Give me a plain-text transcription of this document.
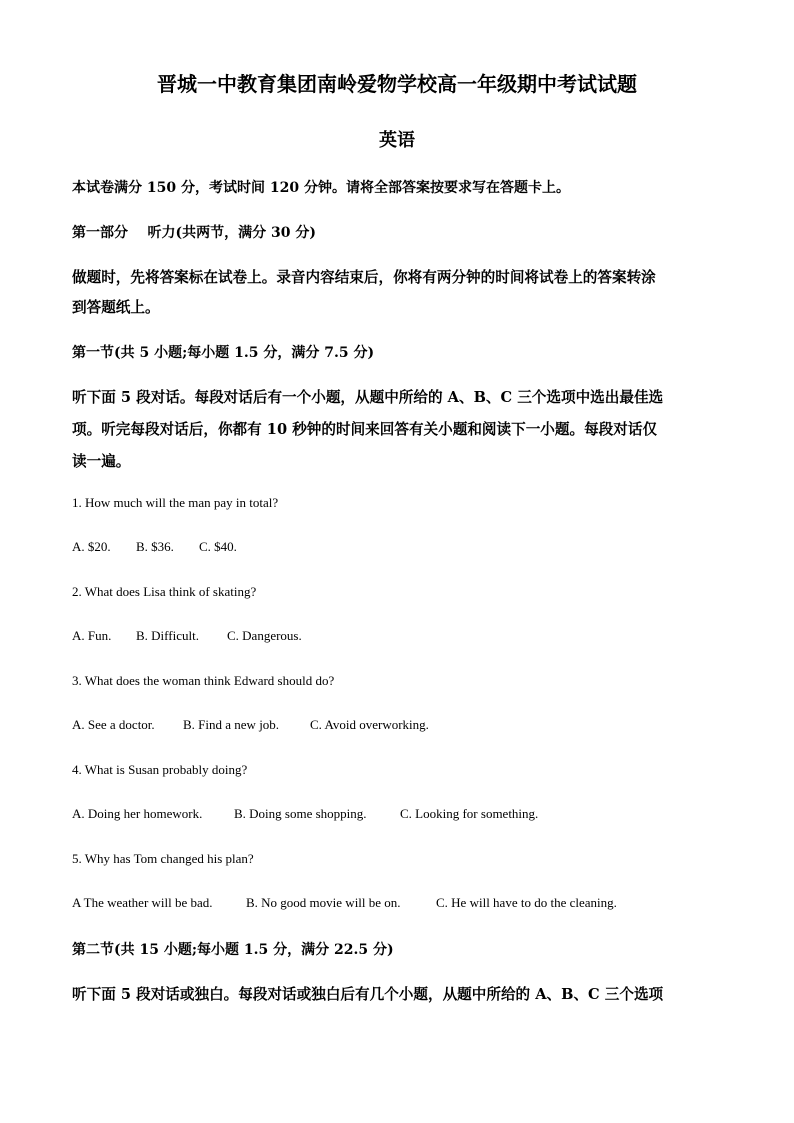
晋城一中教育集团南岭爱物学校高一年级期中考试试题
英语
本试卷满分 150 分，考试时间 120 分钟。请将全部答案按要求写在答题卡上。
第一部分    听力(共两节，满分 30 分)
做题时，先将答案标在试卷上。录音内容结束后，你将有两分钟的时间将试卷上的答案转涂
到答题纸上。
第一节(共 5 小题;每小题 1.5 分，满分 7.5 分)
听下面 5 段对话。每段对话后有一个小题，从题中所给的 A、B、C 三个选项中选出最佳选
项。听完每段对话后，你都有 10 秒钟的时间来回答有关小题和阅读下一小题。每段对话仅
读一遍。
1. How much will the man pay in total?
A. $20. B. $36. C. $40.
2. What does Lisa think of skating?
A. Fun. B. Difficult. C. Dangerous.
3. What does the woman think Edward should do?
A. See a doctor. B. Find a new job. C. Avoid overworking.
4. What is Susan probably doing?
A. Doing her homework. B. Doing some shopping.	C. Looking for something.
5. Why has Tom changed his plan?
A The weather will be bad.	B. No good movie will be on.	C. He will have to do the cleaning.
第二节(共 15 小题;每小题 1.5 分，满分 22.5 分)
听下面 5 段对话或独白。每段对话或独白后有几个小题，从题中所给的 A、B、C 三个选项
